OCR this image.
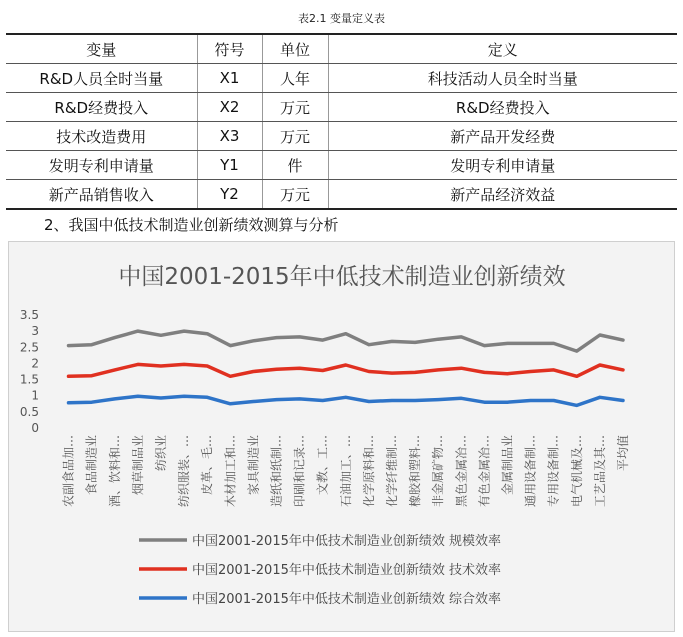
表2.1 变量定义表
变量	符号	单位	定义
R&D人员全时当量	X1	人年	科技活动人员全时当量
R&D经费投入	X2	万元	R&D经费投入
技术改造费用	X3	万元	新产品开发经费
发明专利申请量	Y1	件	发明专利申请量
新产品销售收入	Y2	万元	新产品经济效益
2、我国中低技术制造业创新绩效测算与分析
中国2001-2015年中低技术制造业创新绩效
0
0.5
1
1.5
2
2.5
3
3.5
农副食品加… 食品制造业 酒、饮料和… 烟草制品业 纺织业 纺织服装、… 皮革、毛… 木材加工和… 家具制造业 造纸和纸制… 印刷和记录… 文教、工… 石油加工、… 化学原料和… 化学纤维制… 橡胶和塑料… 非金属矿物… 黑色金属冶… 有色金属冶… 金属制品业 通用设备制… 专用设备制… 电气机械及… 工艺品及其… 平均值
中国2001-2015年中低技术制造业创新绩效 规模效率
中国2001-2015年中低技术制造业创新绩效 技术效率
中国2001-2015年中低技术制造业创新绩效 综合效率
